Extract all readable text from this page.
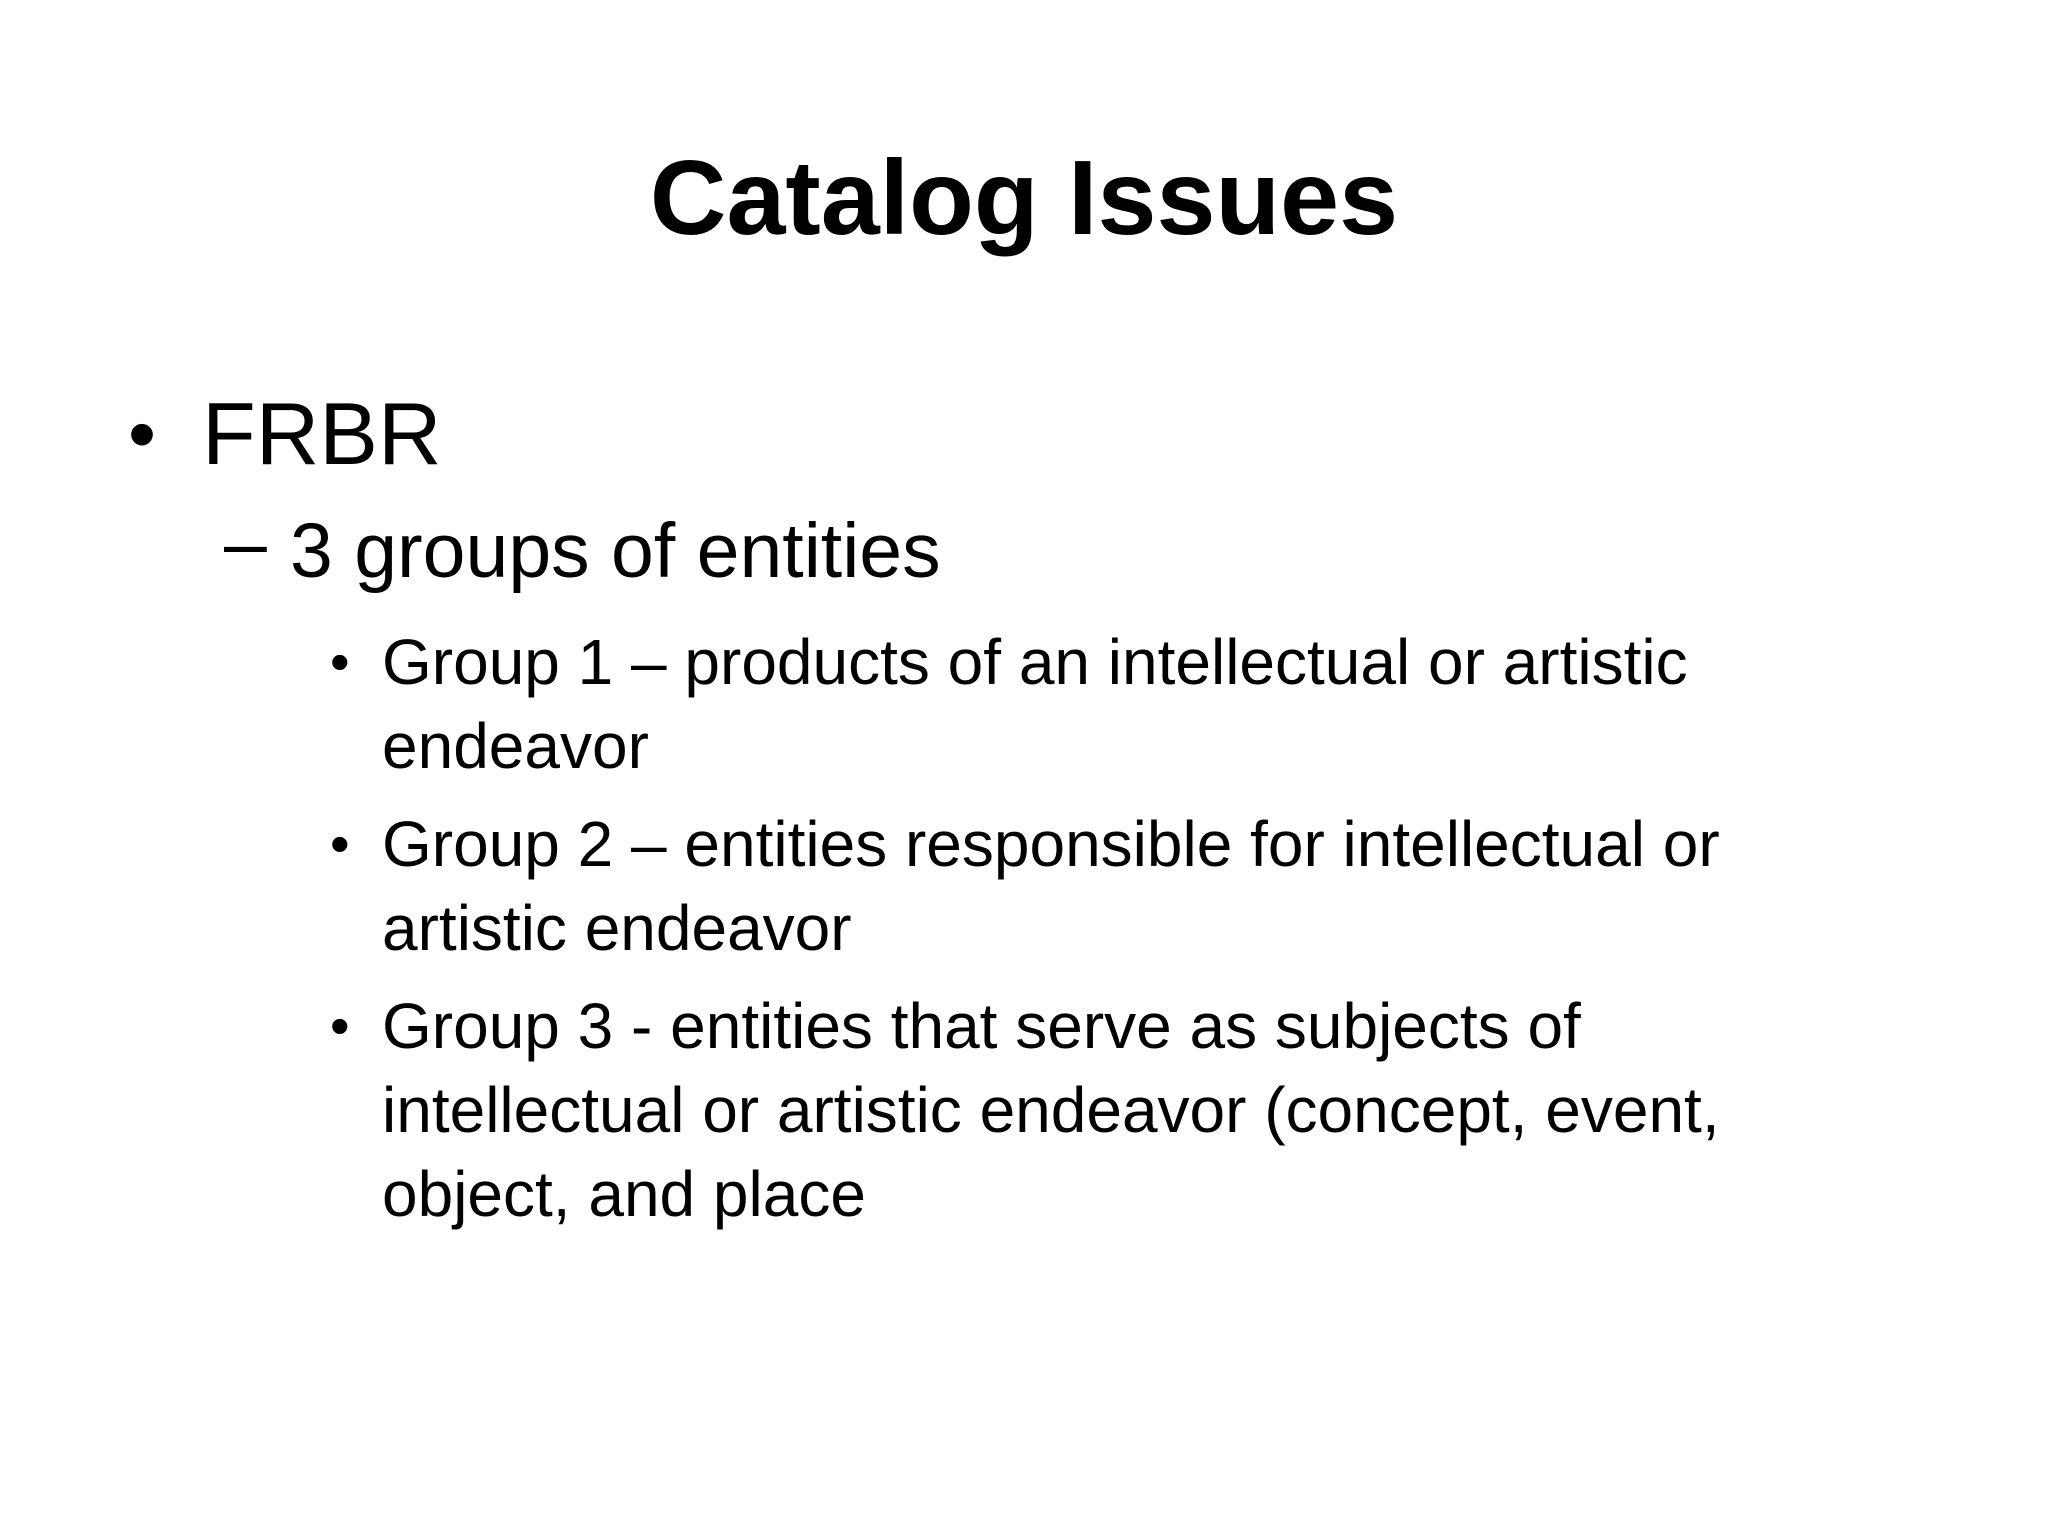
Catalog Issues
• FRBR
– 3 groups of entities
• Group 1 – products of an intellectual or artistic
endeavor
• Group 2 – entities responsible for intellectual or
artistic endeavor
• Group 3 - entities that serve as subjects of
intellectual or artistic endeavor (concept, event,
object, and place
